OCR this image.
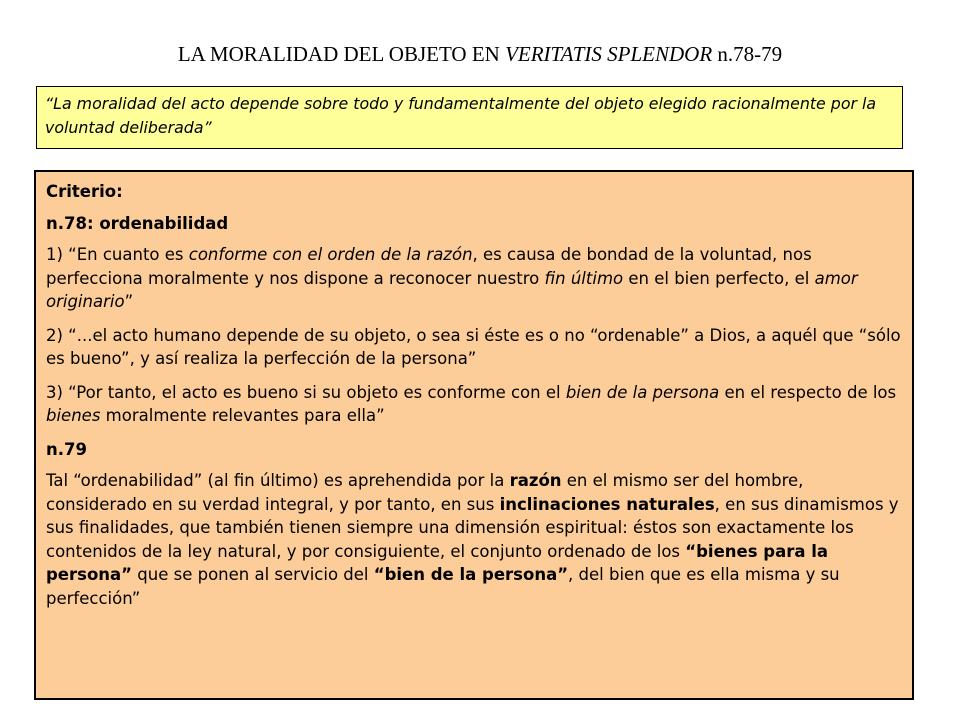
LA MORALIDAD DEL OBJETO EN VERITATIS SPLENDOR n.78-79
“La moralidad del acto depende sobre todo y fundamentalmente del objeto elegido racionalmente por la voluntad deliberada”

Criterio:

n.78: ordenabilidad

1) “En cuanto es conforme con el orden de la razón, es causa de bondad de la voluntad, nos perfecciona moralmente y nos dispone a reconocer nuestro fin último en el bien perfecto, el amor originario”

2) “...el acto humano depende de su objeto, o sea si éste es o no “ordenable” a Dios, a aquél que “sólo es bueno”, y así realiza la perfección de la persona”

3) “Por tanto, el acto es bueno si su objeto es conforme con el bien de la persona en el respecto de los bienes moralmente relevantes para ella”

n.79

Tal “ordenabilidad” (al fin último) es aprehendida por la razón en el mismo ser del hombre, considerado en su verdad integral, y por tanto, en sus inclinaciones naturales, en sus dinamismos y sus finalidades, que también tienen siempre una dimensión espiritual: éstos son exactamente los contenidos de la ley natural, y por consiguiente, el conjunto ordenado de los “bienes para la persona” que se ponen al servicio del “bien de la persona”, del bien que es ella misma y su perfección”
